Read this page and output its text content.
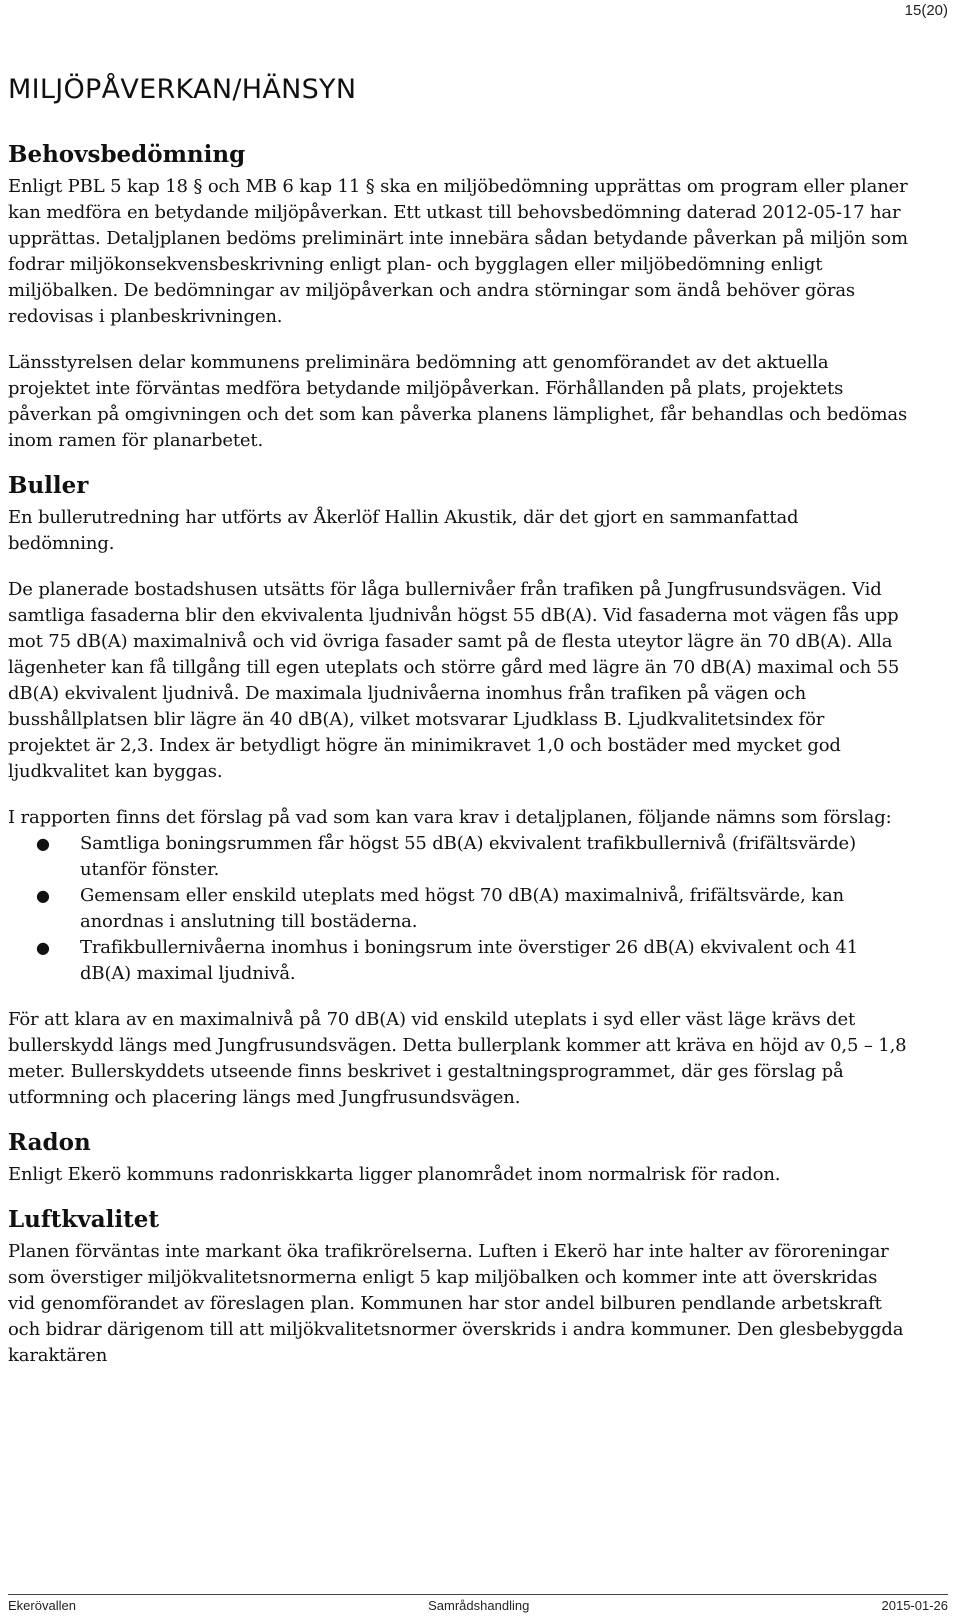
15(20)
MILJÖPÅVERKAN/HÄNSYN
Behovsbedömning

Enligt PBL 5 kap 18 § och MB 6 kap 11 § ska en miljöbedömning upprättas om program eller planer kan medföra en betydande miljöpåverkan. Ett utkast till behovsbedömning daterad 2012-05-17 har upprättas. Detaljplanen bedöms preliminärt inte innebära sådan betydande påverkan på miljön som fodrar miljökonsekvensbeskrivning enligt plan- och bygglagen eller miljöbedömning enligt miljöbalken. De bedömningar av miljöpåverkan och andra störningar som ändå behöver göras redovisas i planbeskrivningen.

Länsstyrelsen delar kommunens preliminära bedömning att genomförandet av det aktuella projektet inte förväntas medföra betydande miljöpåverkan. Förhållanden på plats, projektets påverkan på omgivningen och det som kan påverka planens lämplighet, får behandlas och bedömas inom ramen för planarbetet.

Buller

En bullerutredning har utförts av Åkerlöf Hallin Akustik, där det gjort en sammanfattad bedömning.

De planerade bostadshusen utsätts för låga bullernivåer från trafiken på Jungfrusundsvägen. Vid samtliga fasaderna blir den ekvivalenta ljudnivån högst 55 dB(A). Vid fasaderna mot vägen fås upp mot 75 dB(A) maximalnivå och vid övriga fasader samt på de flesta uteytor lägre än 70 dB(A). Alla lägenheter kan få tillgång till egen uteplats och större gård med lägre än 70 dB(A) maximal och 55 dB(A) ekvivalent ljudnivå. De maximala ljudnivåerna inomhus från trafiken på vägen och busshållplatsen blir lägre än 40 dB(A), vilket motsvarar Ljudklass B. Ljudkvalitetsindex för projektet är 2,3. Index är betydligt högre än minimikravet 1,0 och bostäder med mycket god ljudkvalitet kan byggas.

I rapporten finns det förslag på vad som kan vara krav i detaljplanen, följande nämns som förslag:

● Samtliga boningsrummen får högst 55 dB(A) ekvivalent trafikbullernivå (frifältsvärde) utanför fönster.
● Gemensam eller enskild uteplats med högst 70 dB(A) maximalnivå, frifältsvärde, kan anordnas i anslutning till bostäderna.
● Trafikbullernivåerna inomhus i boningsrum inte överstiger 26 dB(A) ekvivalent och 41 dB(A) maximal ljudnivå.

För att klara av en maximalnivå på 70 dB(A) vid enskild uteplats i syd eller väst läge krävs det bullerskydd längs med Jungfrusundsvägen. Detta bullerplank kommer att kräva en höjd av 0,5 – 1,8 meter. Bullerskyddets utseende finns beskrivet i gestaltningsprogrammet, där ges förslag på utformning och placering längs med Jungfrusundsvägen.

Radon

Enligt Ekerö kommuns radonriskkarta ligger planområdet inom normalrisk för radon.

Luftkvalitet

Planen förväntas inte markant öka trafikrörelserna. Luften i Ekerö har inte halter av föroreningar som överstiger miljökvalitetsnormerna enligt 5 kap miljöbalken och kommer inte att överskridas vid genomförandet av föreslagen plan. Kommunen har stor andel bilburen pendlande arbetskraft och bidrar därigenom till att miljökvalitetsnormer överskrids i andra kommuner. Den glesbebyggda karaktären

Ekerövallen	Samrådshandling	2015-01-26
